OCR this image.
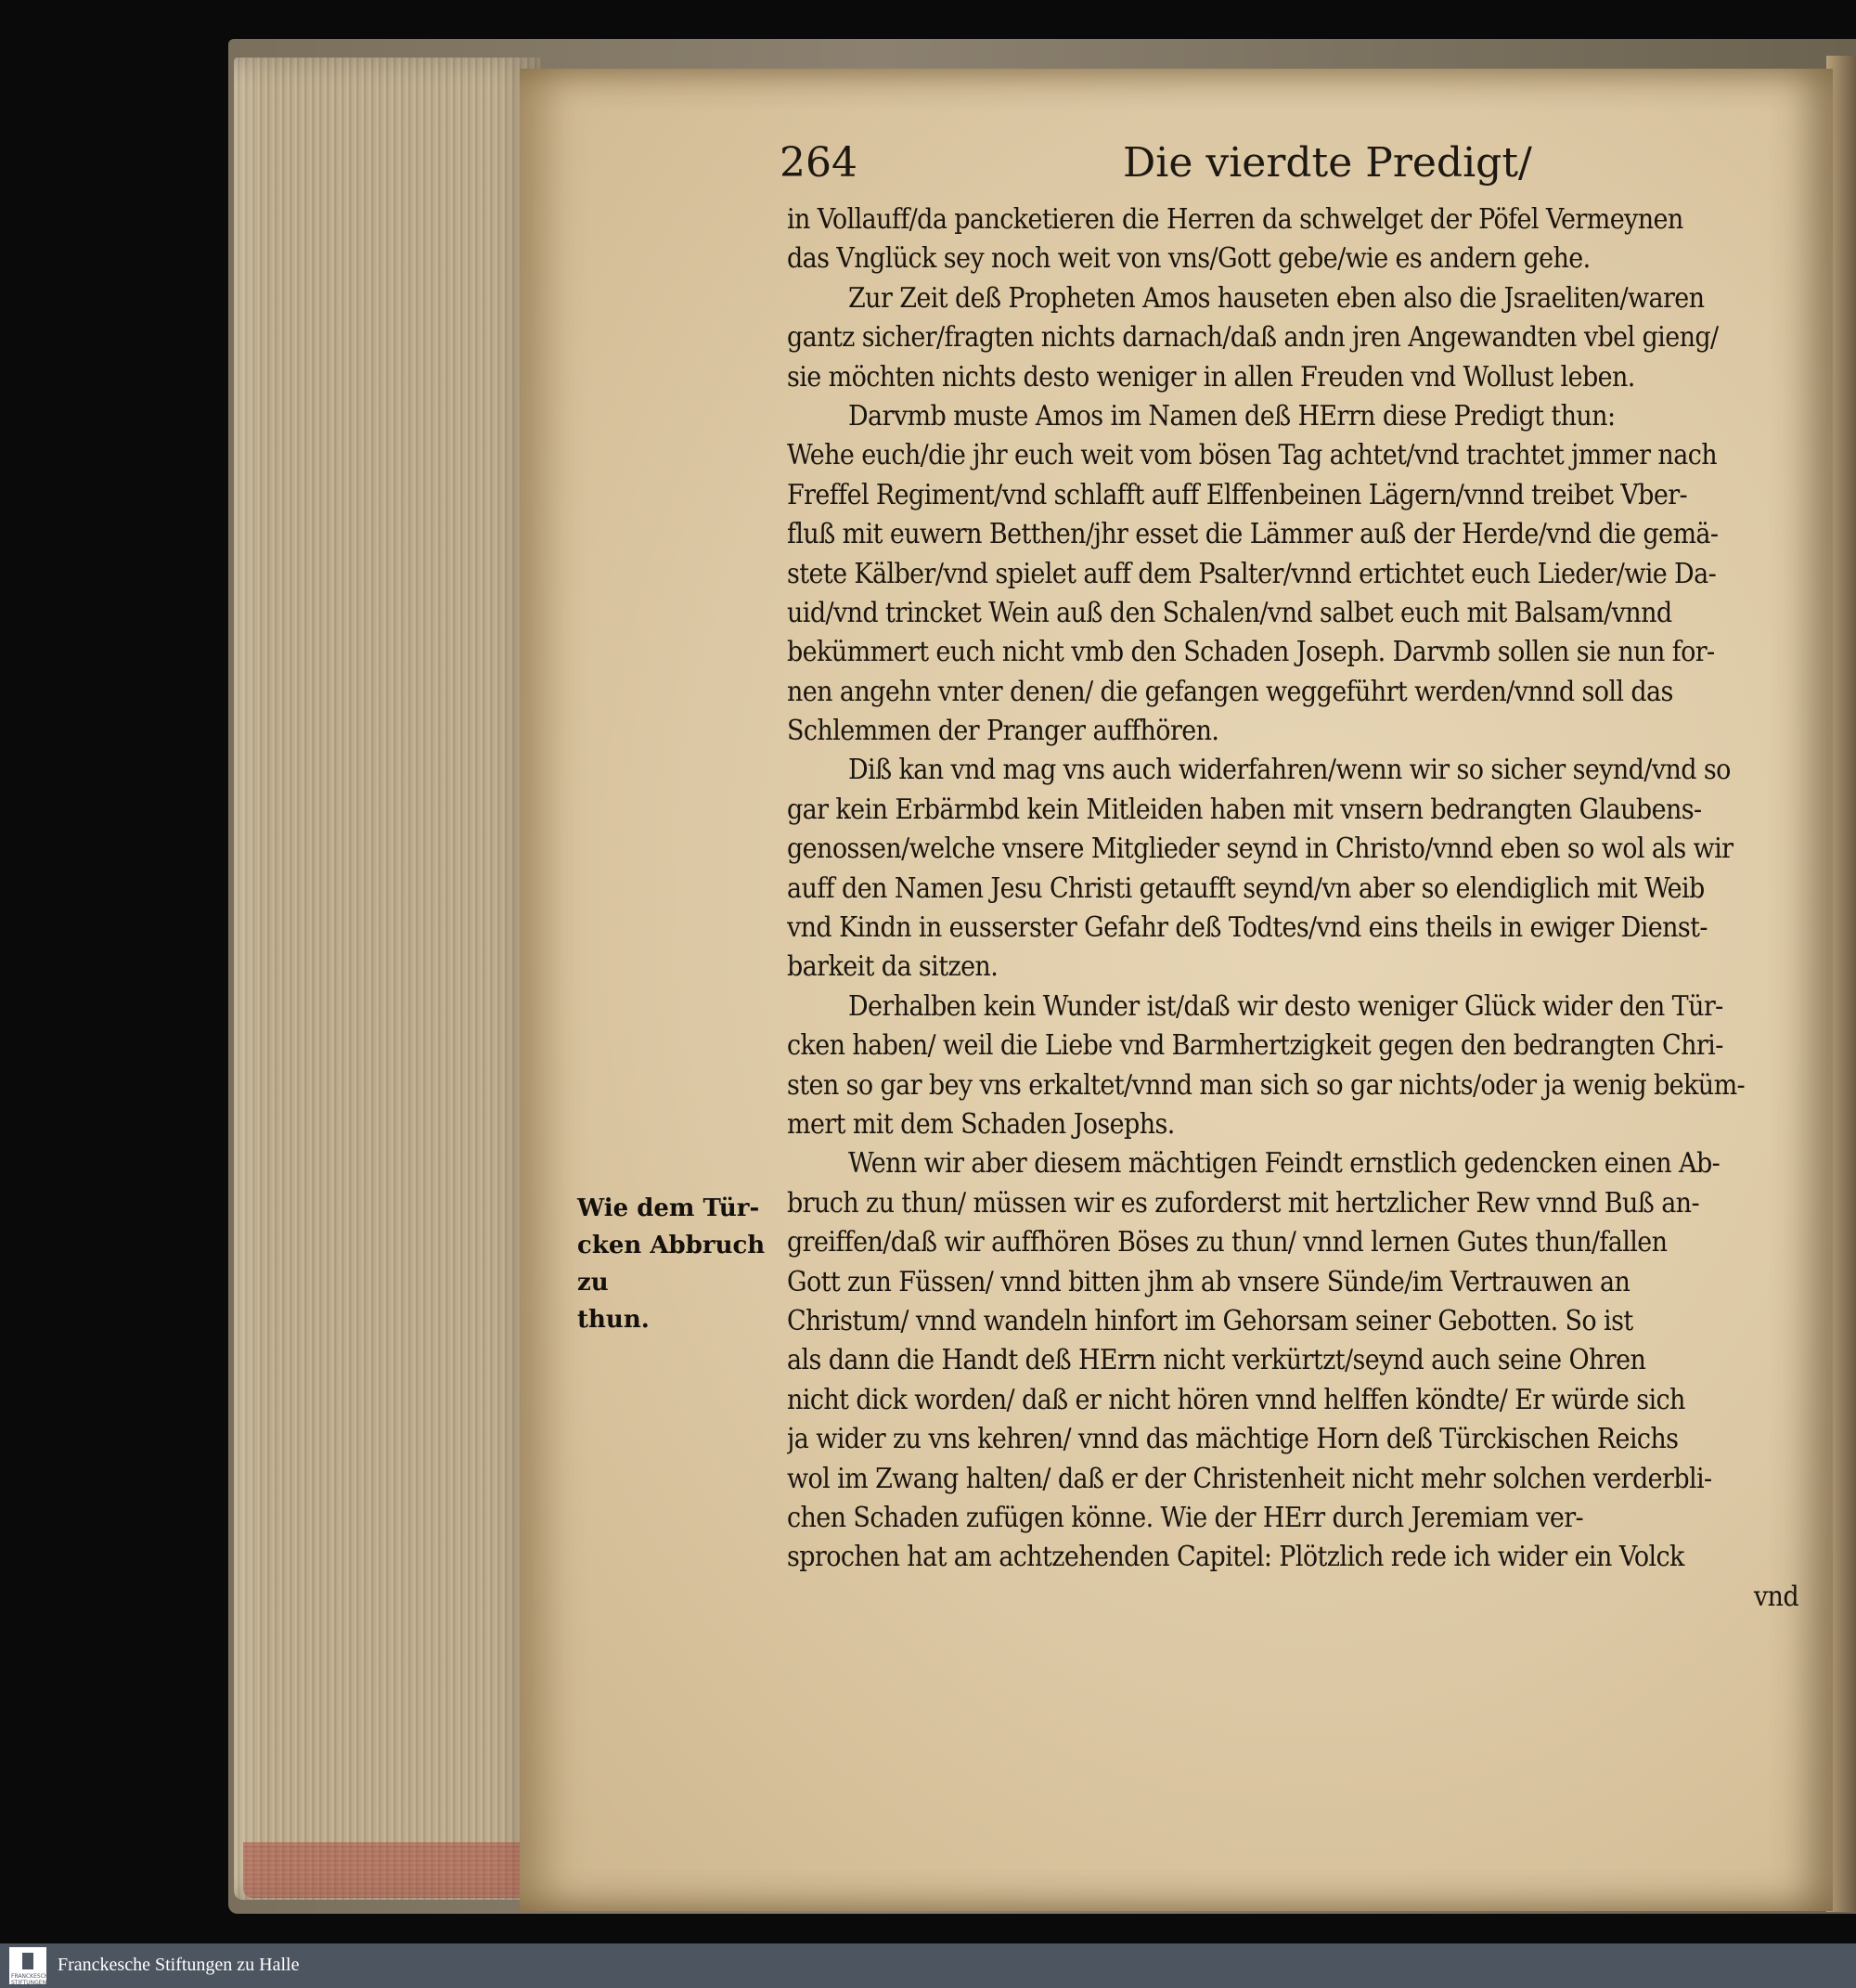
264	Die vierdte Predigt/
in Vollauff/da pancketieren die Herren da schwelget der Pöfel Vermeynen
das Vnglück sey noch weit von vns/Gott gebe/wie es andern gehe.
Zur Zeit deß Propheten Amos hauseten eben also die Jsraeliten/waren
gantz sicher/fragten nichts darnach/daß andn jren Angewandten vbel gieng/
sie möchten nichts desto weniger in allen Freuden vnd Wollust leben.
Darvmb muste Amos im Namen deß HErrn diese Predigt thun:
Wehe euch/die jhr euch weit vom bösen Tag achtet/vnd trachtet jmmer nach
Freffel Regiment/vnd schlafft auff Elffenbeinen Lägern/vnnd treibet Vber-
fluß mit euwern Betthen/jhr esset die Lämmer auß der Herde/vnd die gemä-
stete Kälber/vnd spielet auff dem Psalter/vnnd ertichtet euch Lieder/wie Da-
uid/vnd trincket Wein auß den Schalen/vnd salbet euch mit Balsam/vnnd
bekümmert euch nicht vmb den Schaden Joseph. Darvmb sollen sie nun for-
nen angehn vnter denen/ die gefangen weggeführt werden/vnnd soll das
Schlemmen der Pranger auffhören.
Diß kan vnd mag vns auch widerfahren/wenn wir so sicher seynd/vnd so
gar kein Erbärmbd kein Mitleiden haben mit vnsern bedrangten Glaubens-
genossen/welche vnsere Mitglieder seynd in Christo/vnnd eben so wol als wir
auff den Namen Jesu Christi getaufft seynd/vn aber so elendiglich mit Weib
vnd Kindn in eusserster Gefahr deß Todtes/vnd eins theils in ewiger Dienst-
barkeit da sitzen.
Derhalben kein Wunder ist/daß wir desto weniger Glück wider den Tür-
cken haben/ weil die Liebe vnd Barmhertzigkeit gegen den bedrangten Chri-
sten so gar bey vns erkaltet/vnnd man sich so gar nichts/oder ja wenig beküm-
mert mit dem Schaden Josephs.
Wenn wir aber diesem mächtigen Feindt ernstlich gedencken einen Ab-
bruch zu thun/ müssen wir es zuforderst mit hertzlicher Rew vnnd Buß an-
greiffen/daß wir auffhören Böses zu thun/ vnnd lernen Gutes thun/fallen
Gott zun Füssen/ vnnd bitten jhm ab vnsere Sünde/im Vertrauwen an
Christum/ vnnd wandeln hinfort im Gehorsam seiner Gebotten. So ist
als dann die Handt deß HErrn nicht verkürtzt/seynd auch seine Ohren
nicht dick worden/ daß er nicht hören vnnd helffen köndte/ Er würde sich
ja wider zu vns kehren/ vnnd das mächtige Horn deß Türckischen Reichs
wol im Zwang halten/ daß er der Christenheit nicht mehr solchen verderbli-
chen Schaden zufügen könne. Wie der HErr durch Jeremiam ver-
sprochen hat am achtzehenden Capitel: Plötzlich rede ich wider ein Volck
vnd
Wie dem Tür-
cken Abbruch zu
thun.
FRANCKESCHE STIFTUNGEN
Franckesche Stiftungen zu Halle
